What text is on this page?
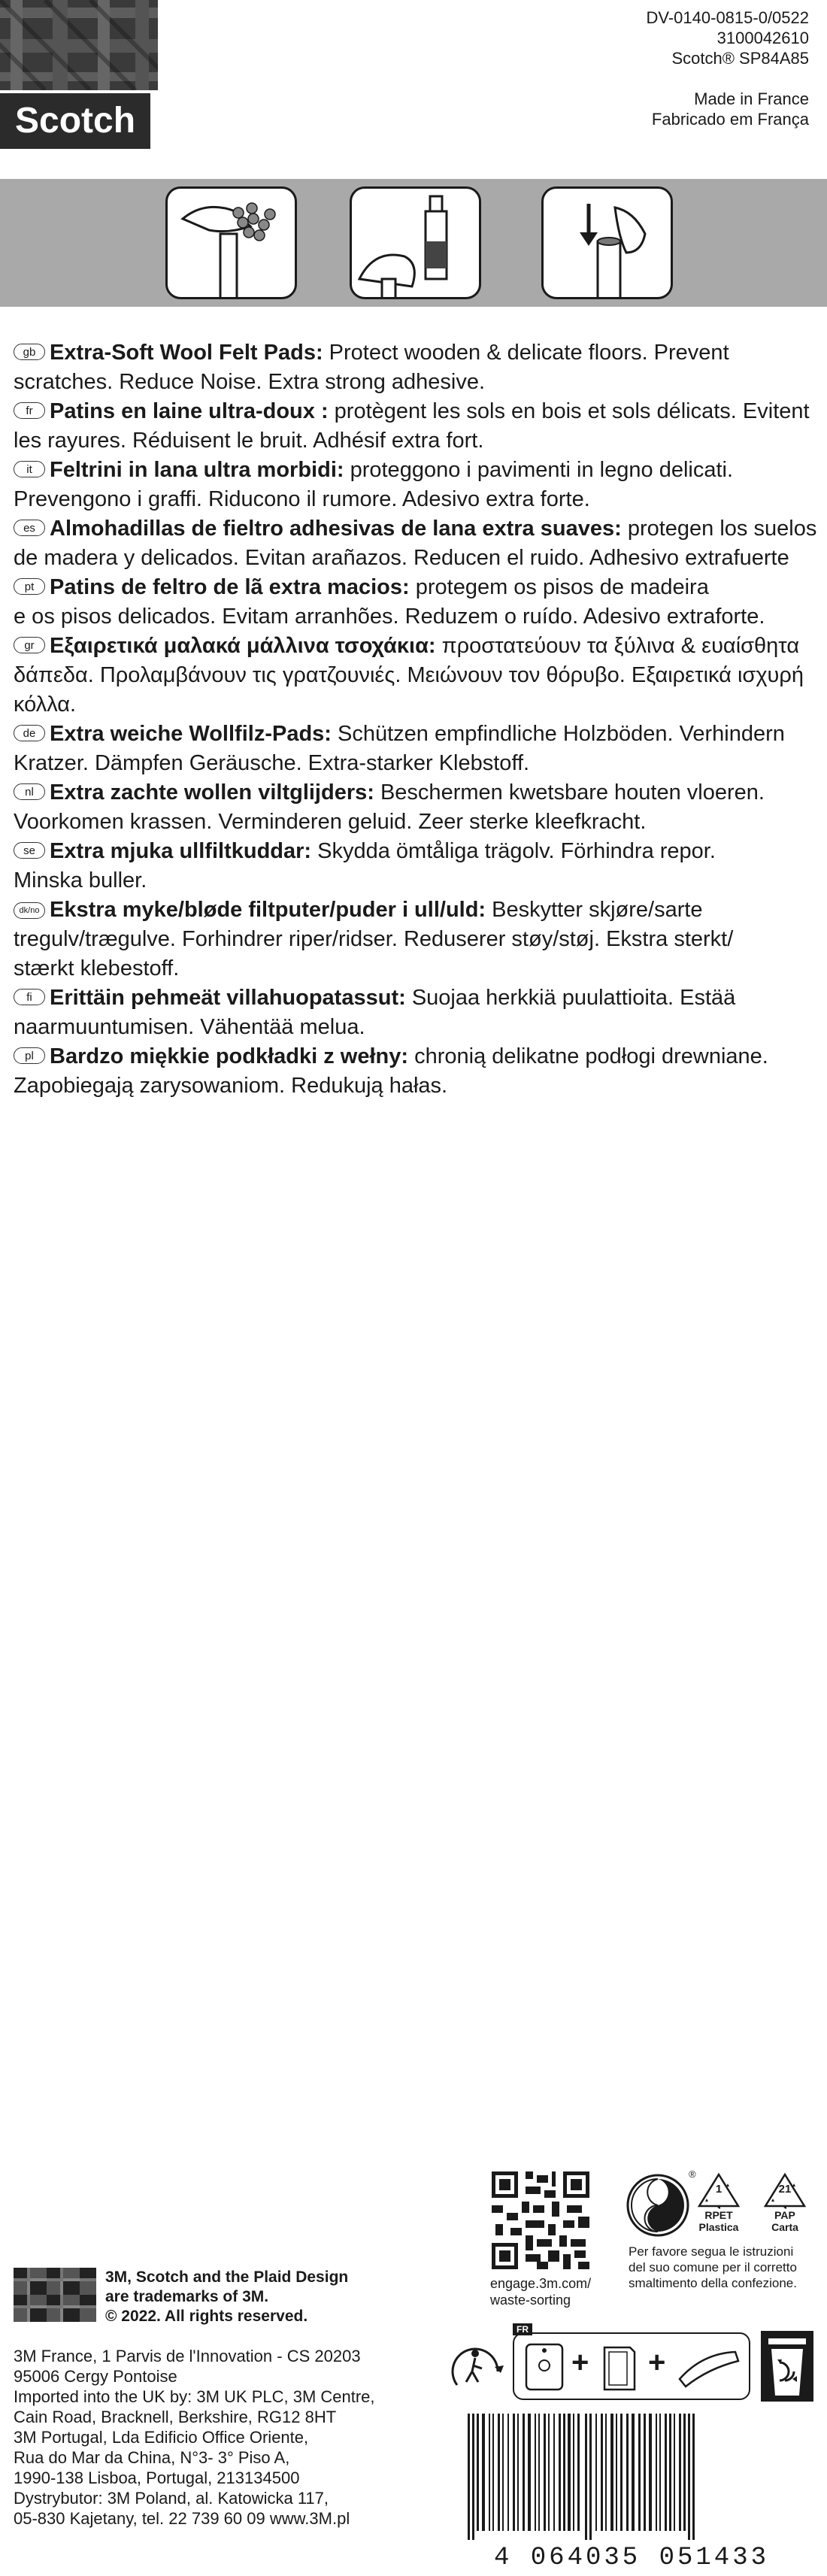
Scotch
DV-0140-0815-0/0522
3100042610
Scotch® SP84A85
Made in France
Fabricado em França

gb Extra-Soft Wool Felt Pads: Protect wooden & delicate floors. Prevent
scratches. Reduce Noise. Extra strong adhesive.

fr Patins en laine ultra-doux : protègent les sols en bois et sols délicats. Evitent
les rayures. Réduisent le bruit. Adhésif extra fort.

it Feltrini in lana ultra morbidi: proteggono i pavimenti in legno delicati.
Prevengono i graffi. Riducono il rumore. Adesivo extra forte.

es Almohadillas de fieltro adhesivas de lana extra suaves: protegen los suelos
de madera y delicados. Evitan arañazos. Reducen el ruido. Adhesivo extrafuerte

pt Patins de feltro de lã extra macios: protegem os pisos de madeira
e os pisos delicados. Evitam arranhões. Reduzem o ruído. Adesivo extraforte.

gr Εξαιρετικά μαλακά μάλλινα τσοχάκια: προστατεύουν τα ξύλινα & ευαίσθητα
δάπεδα. Προλαμβάνουν τις γρατζουνιές. Μειώνουν τον θόρυβο. Εξαιρετικά ισχυρή
κόλλα.

de Extra weiche Wollfilz-Pads: Schützen empfindliche Holzböden. Verhindern
Kratzer. Dämpfen Geräusche. Extra-starker Klebstoff.

nl Extra zachte wollen viltglijders: Beschermen kwetsbare houten vloeren.
Voorkomen krassen. Verminderen geluid. Zeer sterke kleefkracht.

se Extra mjuka ullfiltkuddar: Skydda ömtåliga trägolv. Förhindra repor.
Minska buller.

dk/no Ekstra myke/bløde filtputer/puder i ull/uld: Beskytter skjøre/sarte
tregulv/trægulve. Forhindrer riper/ridser. Reduserer støy/støj. Ekstra sterkt/
stærkt klebestoff.

fi Erittäin pehmeät villahuopatassut: Suojaa herkkiä puulattioita. Estää
naarmuuntumisen. Vähentää melua.

pl Bardzo miękkie podkładki z wełny: chronią delikatne podłogi drewniane.
Zapobiegają zarysowaniom. Redukują hałas.

3M, Scotch and the Plaid Design
are trademarks of 3M.
© 2022. All rights reserved.
3M France, 1 Parvis de l'Innovation - CS 20203
95006 Cergy Pontoise
Imported into the UK by: 3M UK PLC, 3M Centre,
Cain Road, Bracknell, Berkshire, RG12 8HT
3M Portugal, Lda Edificio Office Oriente,
Rua do Mar da China, N°3- 3° Piso A,
1990-138 Lisboa, Portugal, 213134500
Dystrybutor: 3M Poland, al. Katowicka 117,
05-830 Kajetany, tel. 22 739 60 09 www.3M.pl
engage.3m.com/
waste-sorting
®
1
RPET
Plastica
21
PAP
Carta
Per favore segua le istruzioni
del suo comune per il corretto
smaltimento della confezione.
FR
+ +
4 064035 051433
